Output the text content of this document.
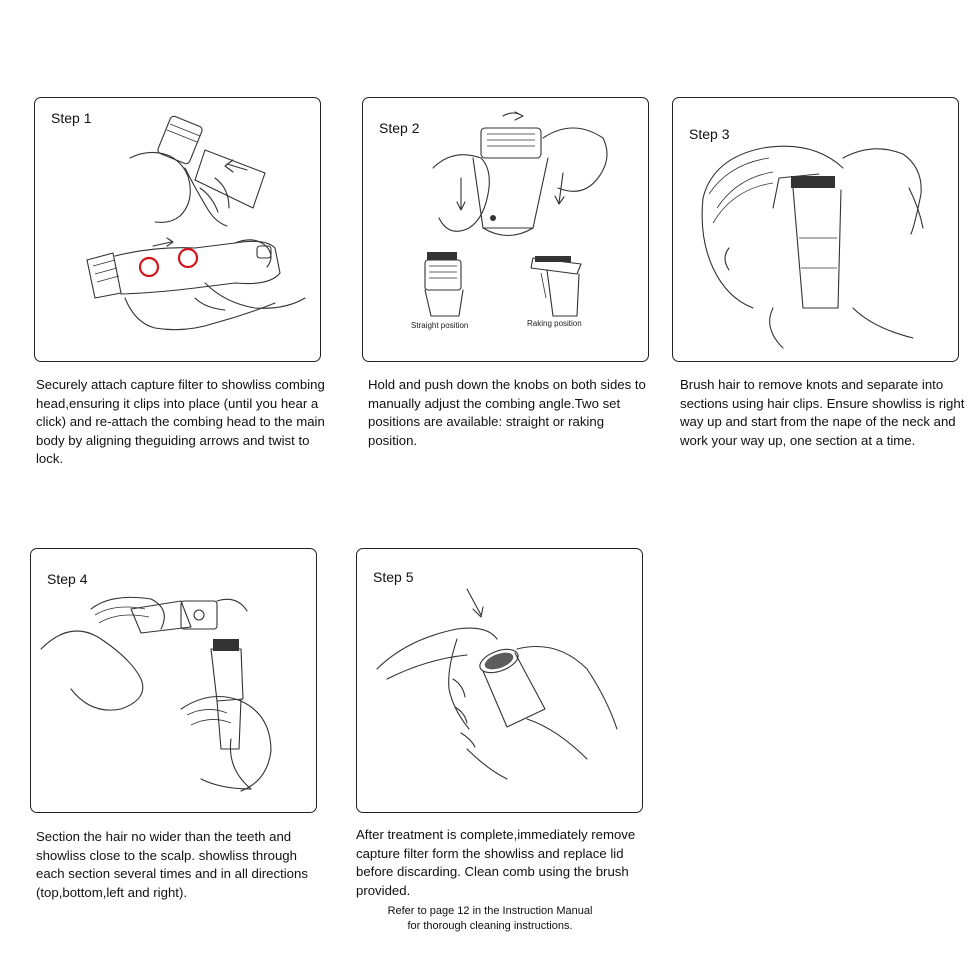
Step 1
Securely attach capture filter to showliss combing head,ensuring it clips into place (until you hear a click) and re-attach the combing head to the main body by aligning theguiding arrows and twist to lock.
Step 2
Straight position	Raking position
Hold and push down the knobs on both sides to manually adjust the combing angle.Two set positions are available: straight or raking position.
Step 3
Brush hair to remove knots and separate into sections using hair clips. Ensure showliss is right way up and start from the nape of the neck and work your way up, one section at a time.
Step 4
Section the hair no wider than the teeth and showliss close to the scalp. showliss through each section several times and in all directions (top,bottom,left and right).
Step 5
After treatment is complete,immediately remove capture filter form the showliss and replace lid before discarding. Clean comb using the brush provided.
Refer to page 12 in the Instruction Manual
for thorough cleaning instructions.
